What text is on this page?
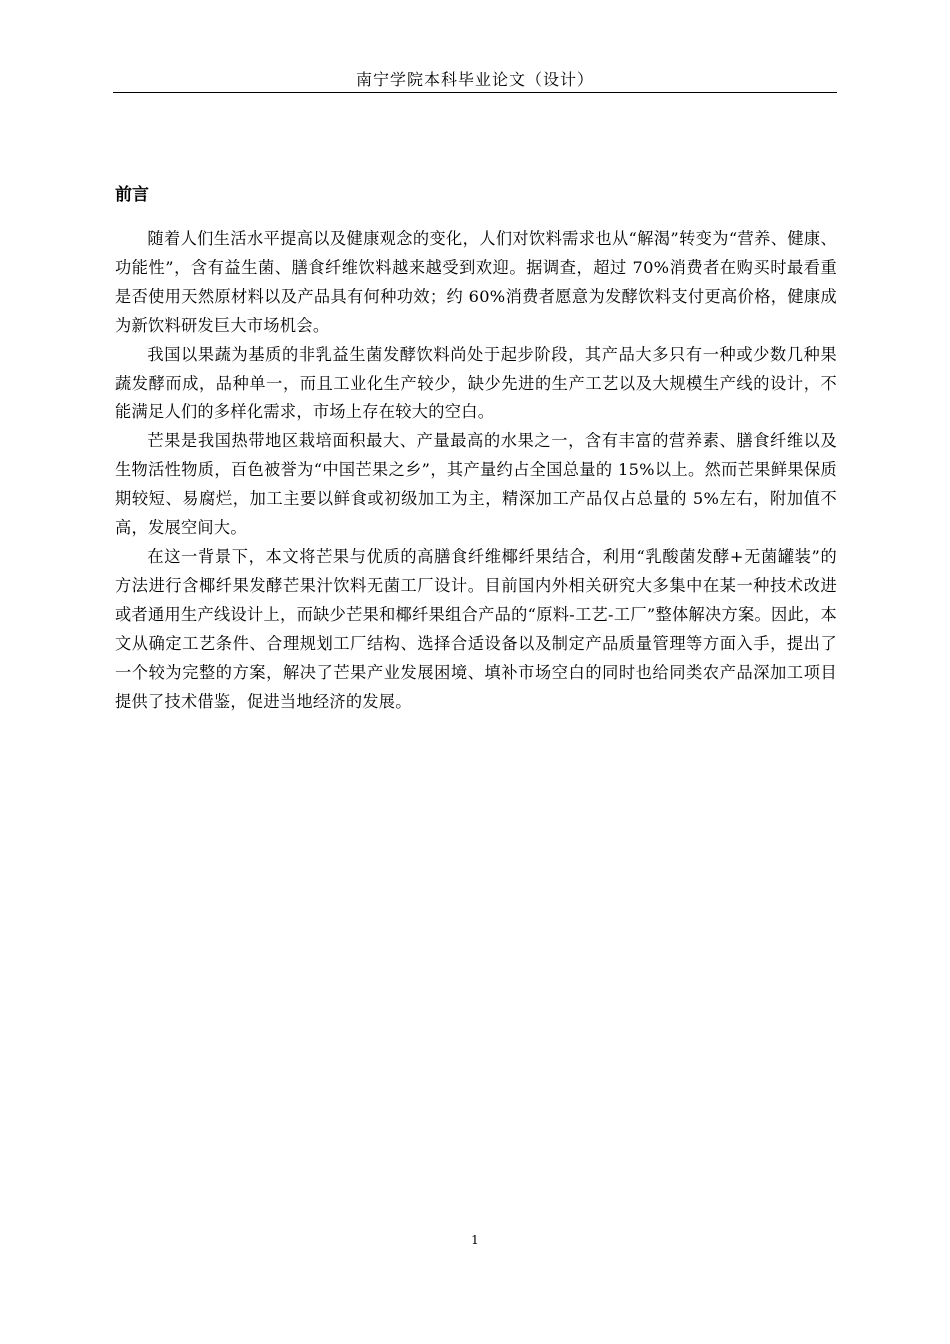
南宁学院本科毕业论文（设计）
前言

随着人们生活水平提高以及健康观念的变化，人们对饮料需求也从“解渴”转变为“营养、健康、功能性”，含有益生菌、膳食纤维饮料越来越受到欢迎。据调查，超过 70%消费者在购买时最看重是否使用天然原材料以及产品具有何种功效；约 60%消费者愿意为发酵饮料支付更高价格，健康成为新饮料研发巨大市场机会。

我国以果蔬为基质的非乳益生菌发酵饮料尚处于起步阶段，其产品大多只有一种或少数几种果蔬发酵而成，品种单一，而且工业化生产较少，缺少先进的生产工艺以及大规模生产线的设计，不能满足人们的多样化需求，市场上存在较大的空白。

芒果是我国热带地区栽培面积最大、产量最高的水果之一，含有丰富的营养素、膳食纤维以及生物活性物质，百色被誉为“中国芒果之乡”，其产量约占全国总量的 15%以上。然而芒果鲜果保质期较短、易腐烂，加工主要以鲜食或初级加工为主，精深加工产品仅占总量的 5%左右，附加值不高，发展空间大。

在这一背景下，本文将芒果与优质的高膳食纤维椰纤果结合，利用“乳酸菌发酵+无菌罐装”的方法进行含椰纤果发酵芒果汁饮料无菌工厂设计。目前国内外相关研究大多集中在某一种技术改进或者通用生产线设计上，而缺少芒果和椰纤果组合产品的“原料-工艺-工厂”整体解决方案。因此，本文从确定工艺条件、合理规划工厂结构、选择合适设备以及制定产品质量管理等方面入手，提出了一个较为完整的方案，解决了芒果产业发展困境、填补市场空白的同时也给同类农产品深加工项目提供了技术借鉴，促进当地经济的发展。

1
